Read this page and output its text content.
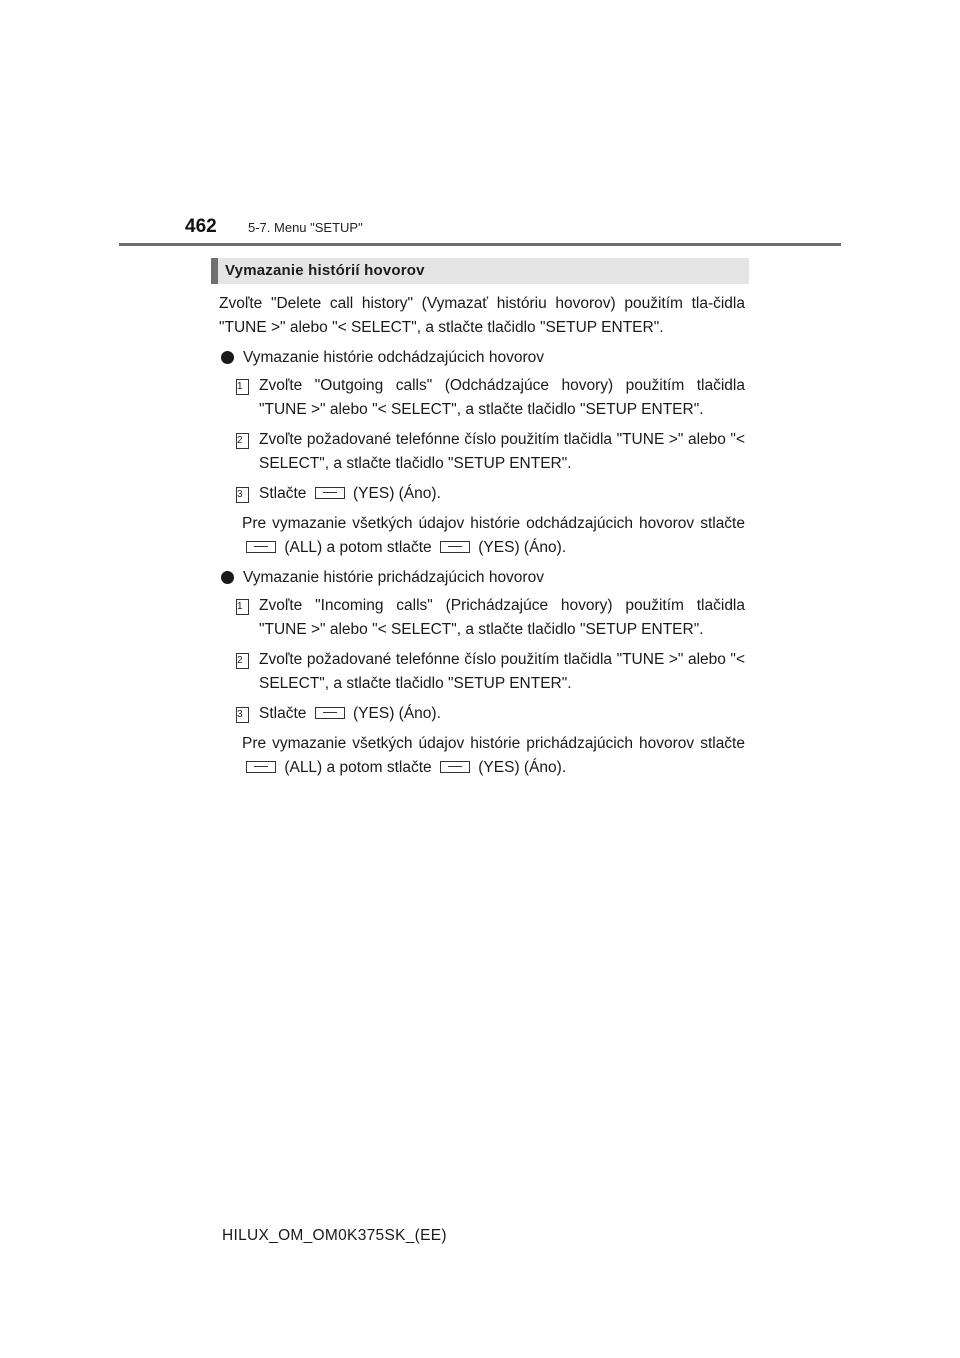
462 5-7. Menu "SETUP"
Vymazanie histórií hovorov

Zvoľte "Delete call history" (Vymazať históriu hovorov) použitím tla-čidla "TUNE >" alebo "< SELECT", a stlačte tlačidlo "SETUP ENTER".

Vymazanie histórie odchádzajúcich hovorov
1	Zvoľte "Outgoing calls" (Odchádzajúce hovory) použitím tlačidla "TUNE >" alebo "< SELECT", a stlačte tlačidlo "SETUP ENTER".
2	Zvoľte požadované telefónne číslo použitím tlačidla "TUNE >" alebo "< SELECT", a stlačte tlačidlo "SETUP ENTER".
3	Stlačte	(YES) (Áno).
Pre vymazanie všetkých údajov histórie odchádzajúcich hovorov stlačte  (ALL) a potom stlačte	(YES) (Áno).
Vymazanie histórie prichádzajúcich hovorov
1	Zvoľte "Incoming calls" (Prichádzajúce hovory) použitím tlačidla "TUNE >" alebo "< SELECT", a stlačte tlačidlo "SETUP ENTER".
2	Zvoľte požadované telefónne číslo použitím tlačidla "TUNE >" alebo "< SELECT", a stlačte tlačidlo "SETUP ENTER".
3	Stlačte	(YES) (Áno).
Pre vymazanie všetkých údajov histórie prichádzajúcich hovorov stlačte  (ALL) a potom stlačte	(YES) (Áno).
HILUX_OM_OM0K375SK_(EE)
